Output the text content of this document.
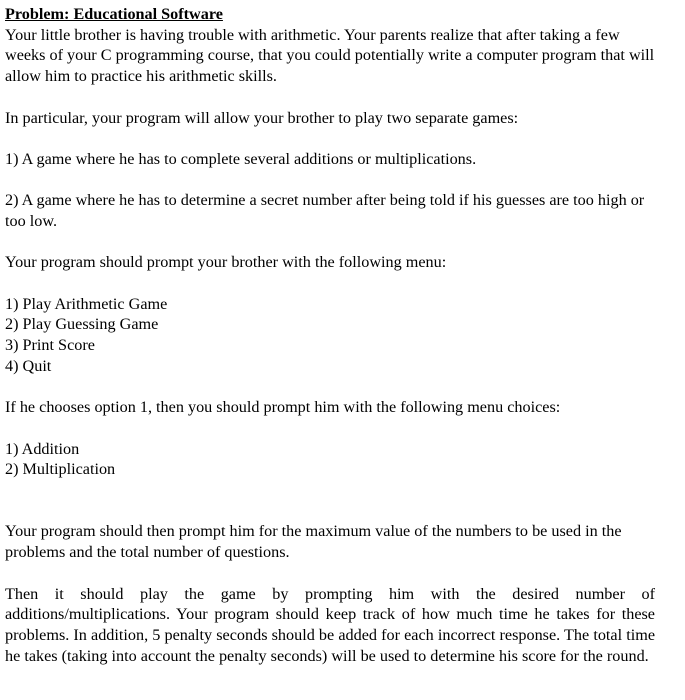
Problem: Educational Software

Your little brother is having trouble with arithmetic. Your parents realize that after taking a few weeks of your C programming course, that you could potentially write a computer program that will allow him to practice his arithmetic skills.

In particular, your program will allow your brother to play two separate games:

1) A game where he has to complete several additions or multiplications.

2) A game where he has to determine a secret number after being told if his guesses are too high or too low.

Your program should prompt your brother with the following menu:

1) Play Arithmetic Game
2) Play Guessing Game
3) Print Score
4) Quit

If he chooses option 1, then you should prompt him with the following menu choices:

1) Addition
2) Multiplication

Your program should then prompt him for the maximum value of the numbers to be used in the problems and the total number of questions.

Then it should play the game by prompting him with the desired number of additions/multiplications. Your program should keep track of how much time he takes for these problems. In addition, 5 penalty seconds should be added for each incorrect response. The total time he takes (taking into account the penalty seconds) will be used to determine his score for the round.
